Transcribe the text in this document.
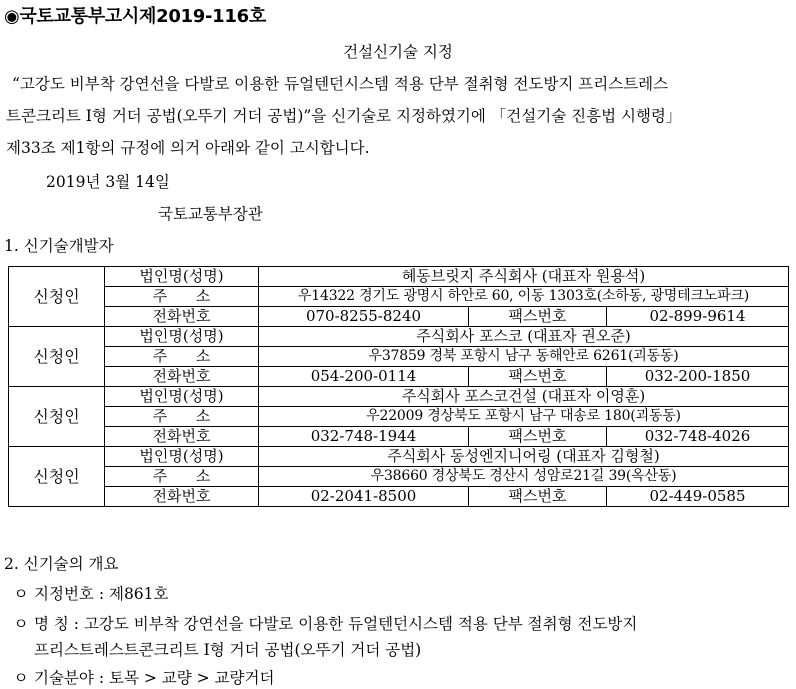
◉국토교통부고시제2019-116호
건설신기술 지정
“고강도 비부착 강연선을 다발로 이용한 듀얼텐던시스템 적용 단부 절취형 전도방지 프리스트레스
트콘크리트 I형 거더 공법(오뚜기 거더 공법)”을 신기술로 지정하였기에 「건설기술 진흥법 시행령」
제33조 제1항의 규정에 의거 아래와 같이 고시합니다.
2019년 3월 14일
국토교통부장관
1. 신기술개발자
신청인	법인명(성명)	혜동브릿지 주식회사 (대표자 원용석)		
	주      소	우14322 경기도 광명시 하안로 60, 이동 1303호(소하동, 광명테크노파크)		
	전화번호	070-8255-8240	팩스번호	02-899-9614
신청인	법인명(성명)	주식회사 포스코 (대표자 권오준)		
	주      소	우37859 경북 포항시 남구 동해안로 6261(괴동동)		
	전화번호	054-200-0114	팩스번호	032-200-1850
신청인	법인명(성명)	주식회사 포스코건설 (대표자 이영훈)		
	주      소	우22009 경상북도 포항시 남구 대송로 180(괴동동)		
	전화번호	032-748-1944	팩스번호	032-748-4026
신청인	법인명(성명)	주식회사 동성엔지니어링 (대표자 김형철)		
	주      소	우38660 경상북도 경산시 성암로21길 39(옥산동)		
	전화번호	02-2041-8500	팩스번호	02-449-0585
2. 신기술의 개요
ㅇ 지정번호 : 제861호
ㅇ 명 칭 : 고강도 비부착 강연선을 다발로 이용한 듀얼텐던시스템 적용 단부 절취형 전도방지
프리스트레스트콘크리트 I형 거더 공법(오뚜기 거더 공법)
ㅇ 기술분야 : 토목 > 교량 > 교량거더
